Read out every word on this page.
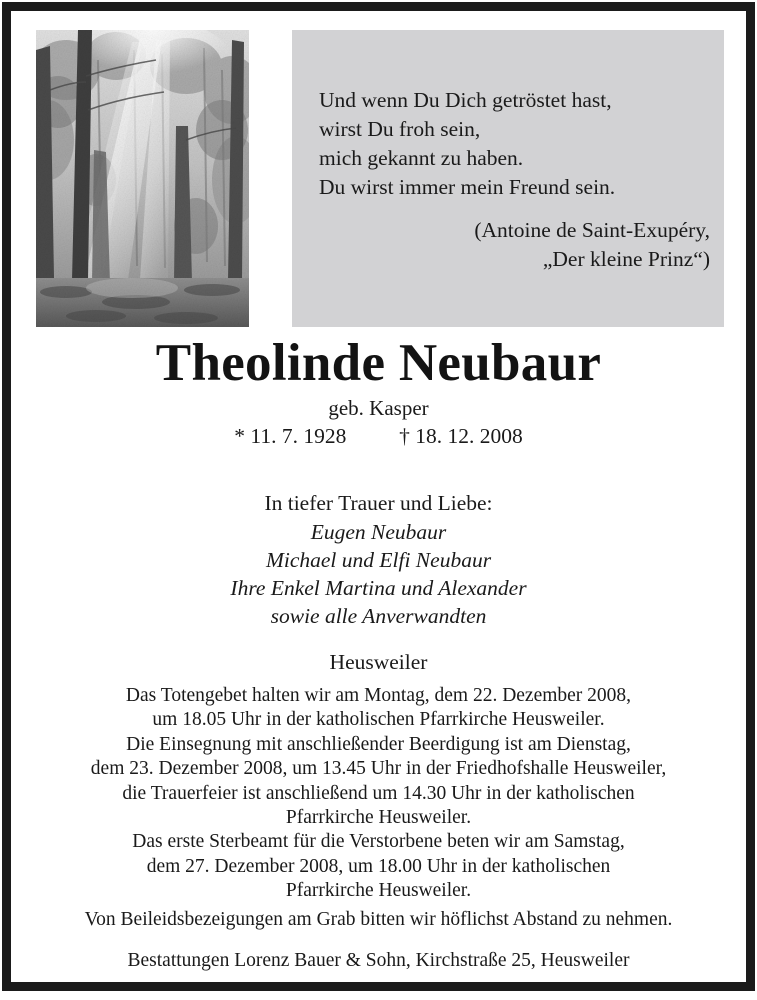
Und wenn Du Dich getröstet hast,
wirst Du froh sein,
mich gekannt zu haben.
Du wirst immer mein Freund sein.
(Antoine de Saint-Exupéry,
„Der kleine Prinz“)
Theolinde Neubaur
geb. Kasper
* 11. 7. 1928 † 18. 12. 2008
In tiefer Trauer und Liebe:
Eugen Neubaur
Michael und Elfi Neubaur
Ihre Enkel Martina und Alexander
sowie alle Anverwandten
Heusweiler
Das Totengebet halten wir am Montag, dem 22. Dezember 2008,
um 18.05 Uhr in der katholischen Pfarrkirche Heusweiler.
Die Einsegnung mit anschließender Beerdigung ist am Dienstag,
dem 23. Dezember 2008, um 13.45 Uhr in der Friedhofshalle Heusweiler,
die Trauerfeier ist anschließend um 14.30 Uhr in der katholischen
Pfarrkirche Heusweiler.
Das erste Sterbeamt für die Verstorbene beten wir am Samstag,
dem 27. Dezember 2008, um 18.00 Uhr in der katholischen
Pfarrkirche Heusweiler.
Von Beileidsbezeigungen am Grab bitten wir höflichst Abstand zu nehmen.
Bestattungen Lorenz Bauer & Sohn, Kirchstraße 25, Heusweiler
